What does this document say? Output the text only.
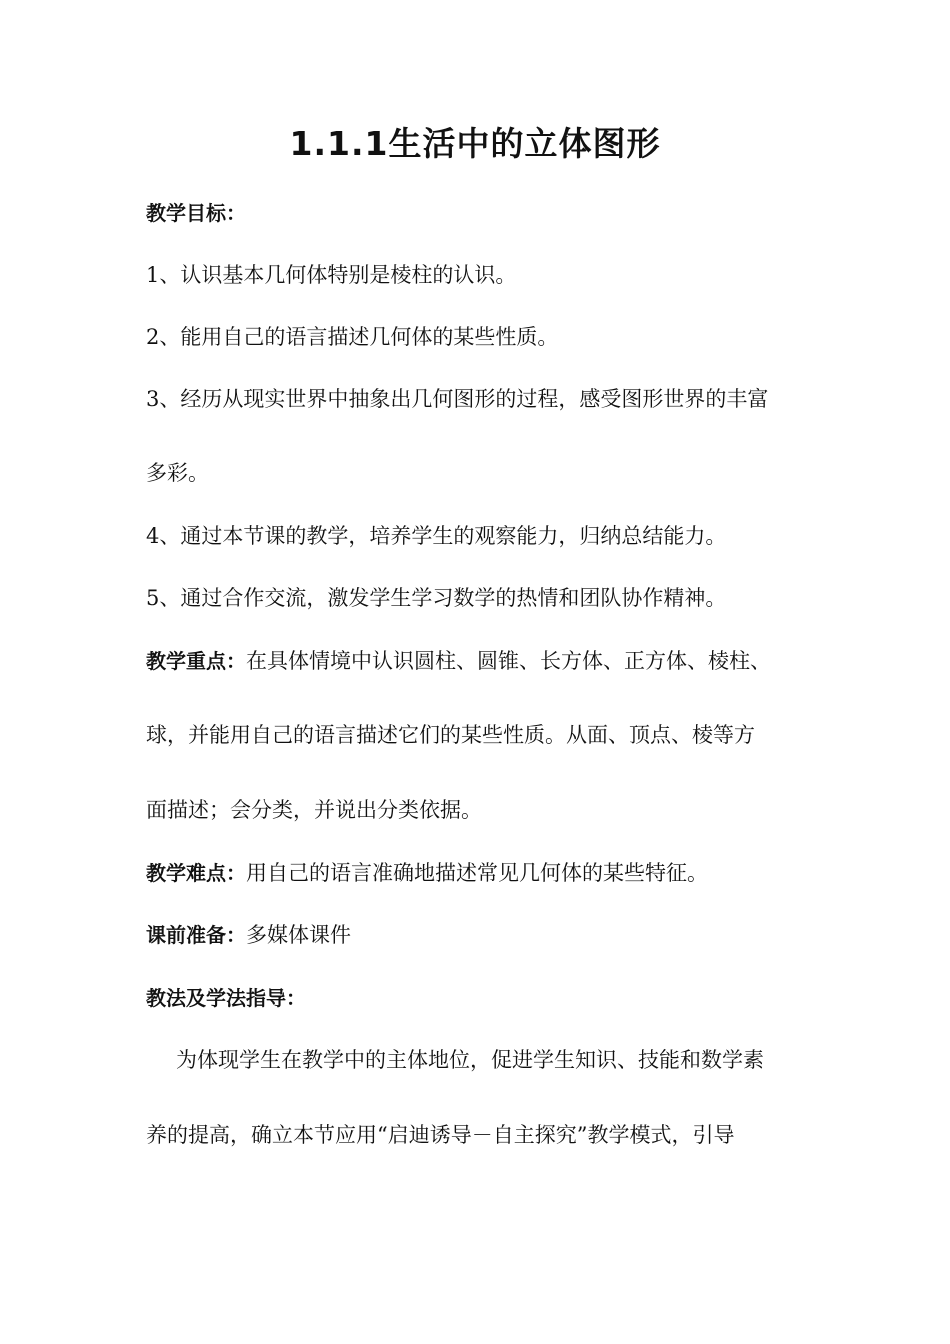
1.1.1生活中的立体图形
教学目标：
1、认识基本几何体特别是棱柱的认识。
2、能用自己的语言描述几何体的某些性质。
3、经历从现实世界中抽象出几何图形的过程，感受图形世界的丰富
多彩。
4、通过本节课的教学，培养学生的观察能力，归纳总结能力。
5、通过合作交流，激发学生学习数学的热情和团队协作精神。
教学重点：在具体情境中认识圆柱、圆锥、长方体、正方体、棱柱、
球，并能用自己的语言描述它们的某些性质。从面、顶点、棱等方
面描述；会分类，并说出分类依据。
教学难点：用自己的语言准确地描述常见几何体的某些特征。
课前准备：多媒体课件
教法及学法指导：
为体现学生在教学中的主体地位，促进学生知识、技能和数学素
养的提高，确立本节应用“启迪诱导－自主探究”教学模式，引导
